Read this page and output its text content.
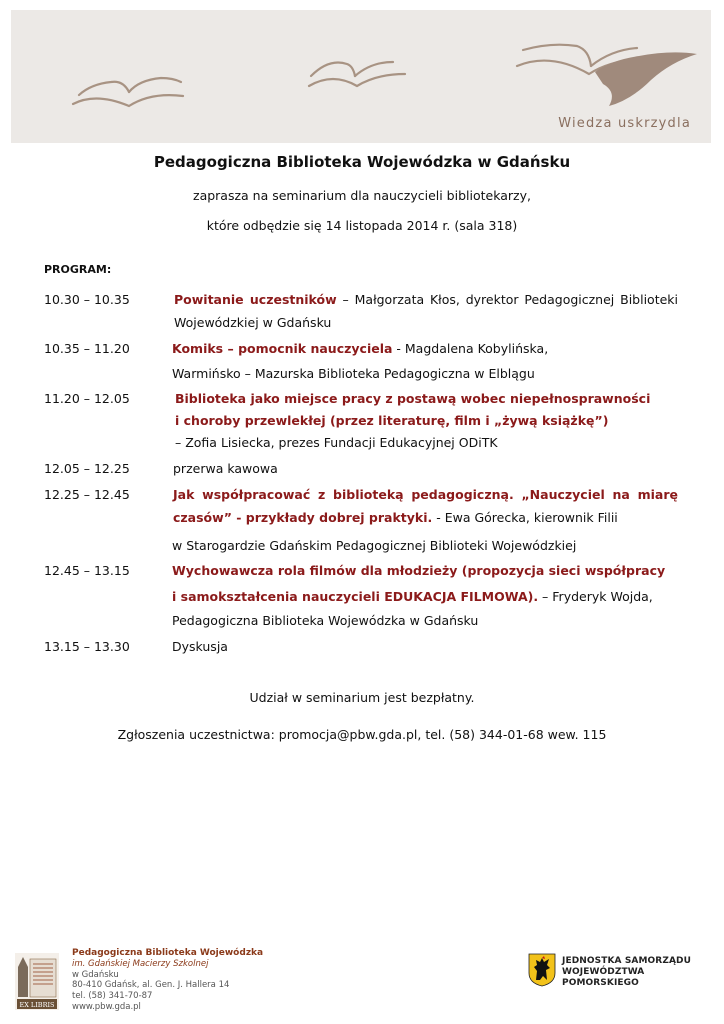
Wiedza uskrzydla
Pedagogiczna Biblioteka Wojewódzka w Gdańsku
zaprasza na seminarium dla nauczycieli bibliotekarzy,
które odbędzie się 14 listopada 2014 r. (sala 318)
PROGRAM:
10.30 – 10.35	Powitanie uczestników – Małgorzata Kłos, dyrektor Pedagogicznej Biblioteki
Wojewódzkiej w Gdańsku
10.35 – 11.20	Komiks – pomocnik nauczyciela - Magdalena Kobylińska,
Warmińsko – Mazurska Biblioteka Pedagogiczna w Elblągu
11.20 – 12.05	Biblioteka jako miejsce pracy z postawą wobec niepełnosprawności
i choroby przewlekłej (przez literaturę, film i „żywą książkę”)
– Zofia Lisiecka, prezes Fundacji Edukacyjnej ODiTK
12.05 – 12.25	przerwa kawowa
12.25 – 12.45	Jak współpracować z biblioteką pedagogiczną. „Nauczyciel na miarę
czasów” - przykłady dobrej praktyki. - Ewa Górecka, kierownik Filii
w Starogardzie Gdańskim Pedagogicznej Biblioteki Wojewódzkiej
12.45 – 13.15	Wychowawcza rola filmów dla młodzieży (propozycja sieci współpracy
i samokształcenia nauczycieli EDUKACJA FILMOWA). – Fryderyk Wojda,
Pedagogiczna Biblioteka Wojewódzka w Gdańsku
13.15 – 13.30	Dyskusja
Udział w seminarium jest bezpłatny.
Zgłoszenia uczestnictwa: promocja@pbw.gda.pl, tel. (58) 344-01-68 wew. 115
EX LIBRIS
Pedagogiczna Biblioteka Wojewódzka
im. Gdańskiej Macierzy Szkolnej
w Gdańsku
80-410 Gdańsk, al. Gen. J. Hallera 14
tel. (58) 341-70-87
www.pbw.gda.pl
JEDNOSTKA SAMORZĄDU
WOJEWÓDZTWA POMORSKIEGO
